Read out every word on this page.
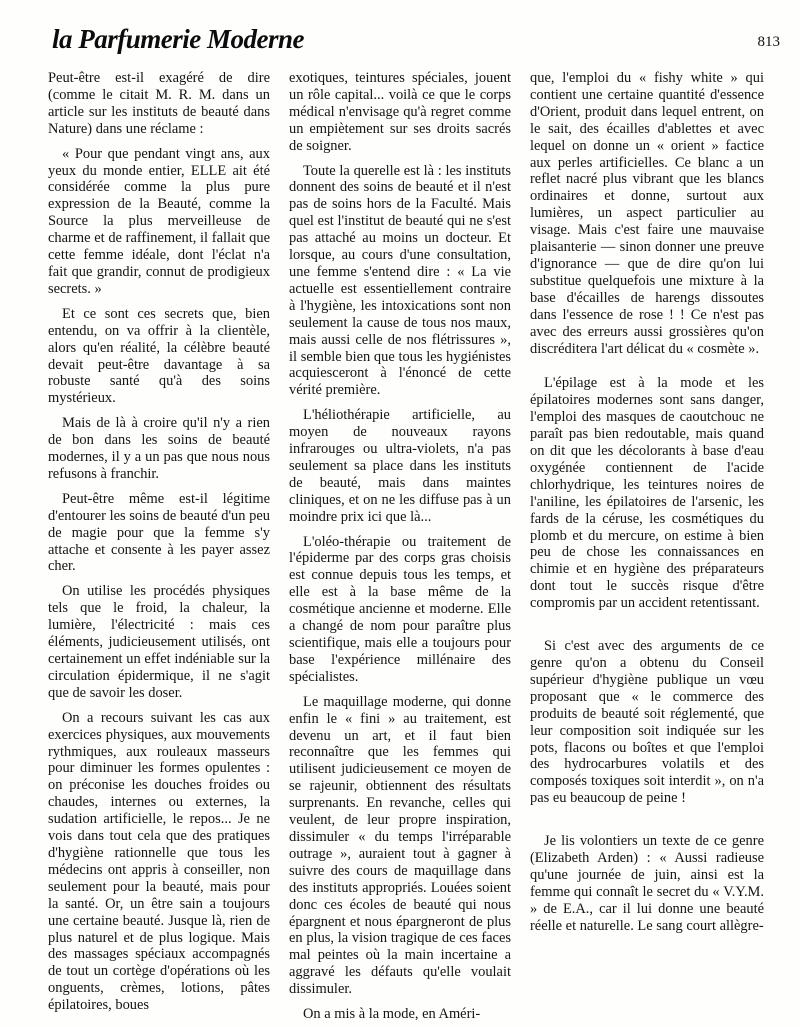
la Parfumerie Moderne	813

Peut-être est-il exagéré de dire (comme le citait M. R. M. dans un article sur les instituts de beauté dans Nature) dans une réclame :

« Pour que pendant vingt ans, aux yeux du monde entier, ELLE ait été considérée comme la plus pure expression de la Beauté, comme la Source la plus merveilleuse de charme et de raffinement, il fallait que cette femme idéale, dont l'éclat n'a fait que grandir, connut de prodigieux secrets. »

Et ce sont ces secrets que, bien entendu, on va offrir à la clientèle, alors qu'en réalité, la célèbre beauté devait peut-être davantage à sa robuste santé qu'à des soins mystérieux.

Mais de là à croire qu'il n'y a rien de bon dans les soins de beauté modernes, il y a un pas que nous nous refusons à franchir.

Peut-être même est-il légitime d'entourer les soins de beauté d'un peu de magie pour que la femme s'y attache et consente à les payer assez cher.

On utilise les procédés physiques tels que le froid, la chaleur, la lumière, l'électricité : mais ces éléments, judicieusement utilisés, ont certainement un effet indéniable sur la circulation épidermique, il ne s'agit que de savoir les doser.

On a recours suivant les cas aux exercices physiques, aux mouvements rythmiques, aux rouleaux masseurs pour diminuer les formes opulentes : on préconise les douches froides ou chaudes, internes ou externes, la sudation artificielle, le repos... Je ne vois dans tout cela que des pratiques d'hygiène rationnelle que tous les médecins ont appris à conseiller, non seulement pour la beauté, mais pour la santé. Or, un être sain a toujours une certaine beauté. Jusque là, rien de plus naturel et de plus logique. Mais des massages spéciaux accompagnés de tout un cortège d'opérations où les onguents, crèmes, lotions, pâtes épilatoires, boues

exotiques, teintures spéciales, jouent un rôle capital... voilà ce que le corps médical n'envisage qu'à regret comme un empiètement sur ses droits sacrés de soigner.

Toute la querelle est là : les instituts donnent des soins de beauté et il n'est pas de soins hors de la Faculté. Mais quel est l'institut de beauté qui ne s'est pas attaché au moins un docteur. Et lorsque, au cours d'une consultation, une femme s'entend dire : « La vie actuelle est essentiellement contraire à l'hygiène, les intoxications sont non seulement la cause de tous nos maux, mais aussi celle de nos flétrissures », il semble bien que tous les hygiénistes acquiesceront à l'énoncé de cette vérité première.

L'héliothérapie artificielle, au moyen de nouveaux rayons infrarouges ou ultra-violets, n'a pas seulement sa place dans les instituts de beauté, mais dans maintes cliniques, et on ne les diffuse pas à un moindre prix ici que là...

L'oléo-thérapie ou traitement de l'épiderme par des corps gras choisis est connue depuis tous les temps, et elle est à la base même de la cosmétique ancienne et moderne. Elle a changé de nom pour paraître plus scientifique, mais elle a toujours pour base l'expérience millénaire des spécialistes.

Le maquillage moderne, qui donne enfin le « fini » au traitement, est devenu un art, et il faut bien reconnaître que les femmes qui utilisent judicieusement ce moyen de se rajeunir, obtiennent des résultats surprenants. En revanche, celles qui veulent, de leur propre inspiration, dissimuler « du temps l'irréparable outrage », auraient tout à gagner à suivre des cours de maquillage dans des instituts appropriés. Louées soient donc ces écoles de beauté qui nous épargnent et nous épargneront de plus en plus, la vision tragique de ces faces mal peintes où la main incertaine a aggravé les défauts qu'elle voulait dissimuler.

On a mis à la mode, en Améri-

que, l'emploi du « fishy white » qui contient une certaine quantité d'essence d'Orient, produit dans lequel entrent, on le sait, des écailles d'ablettes et avec lequel on donne un « orient » factice aux perles artificielles. Ce blanc a un reflet nacré plus vibrant que les blancs ordinaires et donne, surtout aux lumières, un aspect particulier au visage. Mais c'est faire une mauvaise plaisanterie — sinon donner une preuve d'ignorance — que de dire qu'on lui substitue quelquefois une mixture à la base d'écailles de harengs dissoutes dans l'essence de rose ! ! Ce n'est pas avec des erreurs aussi grossières qu'on discréditera l'art délicat du « cosmète ».

L'épilage est à la mode et les épilatoires modernes sont sans danger, l'emploi des masques de caoutchouc ne paraît pas bien redoutable, mais quand on dit que les décolorants à base d'eau oxygénée contiennent de l'acide chlorhydrique, les teintures noires de l'aniline, les épilatoires de l'arsenic, les fards de la céruse, les cosmétiques du plomb et du mercure, on estime à bien peu de chose les connaissances en chimie et en hygiène des préparateurs dont tout le succès risque d'être compromis par un accident retentissant.

Si c'est avec des arguments de ce genre qu'on a obtenu du Conseil supérieur d'hygiène publique un vœu proposant que « le commerce des produits de beauté soit réglementé, que leur composition soit indiquée sur les pots, flacons ou boîtes et que l'emploi des hydrocarbures volatils et des composés toxiques soit interdit », on n'a pas eu beaucoup de peine !

Je lis volontiers un texte de ce genre (Elizabeth Arden) : « Aussi radieuse qu'une journée de juin, ainsi est la femme qui connaît le secret du « V.Y.M. » de E.A., car il lui donne une beauté réelle et naturelle. Le sang court allègre-
